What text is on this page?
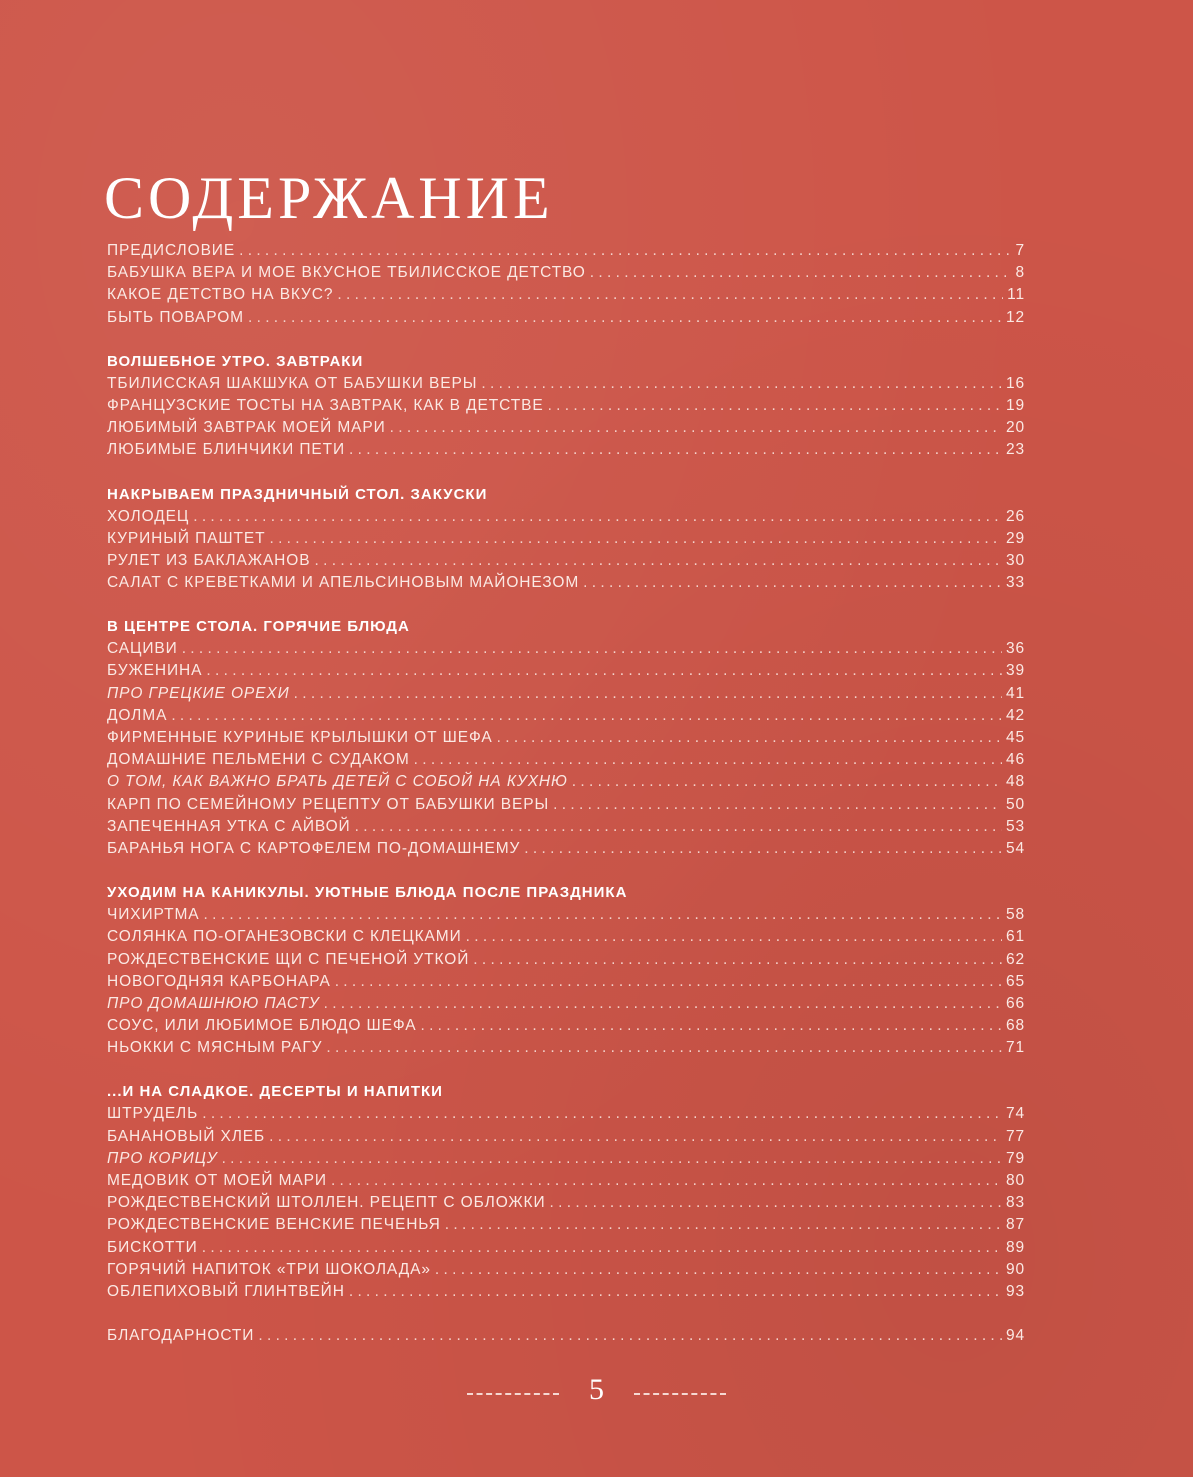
СОДЕРЖАНИЕ
ПРЕДИСЛОВИЕ . . .	7
БАБУШКА ВЕРА И МОЕ ВКУСНОЕ ТБИЛИССКОЕ ДЕТСТВО . . .	8
КАКОЕ ДЕТСТВО НА ВКУС? . . .	11
БЫТЬ ПОВАРОМ . . .	12
ВОЛШЕБНОЕ УТРО. ЗАВТРАКИ
ТБИЛИССКАЯ ШАКШУКА ОТ БАБУШКИ ВЕРЫ . . .	16
ФРАНЦУЗСКИЕ ТОСТЫ НА ЗАВТРАК, КАК В ДЕТСТВЕ . . .	19
ЛЮБИМЫЙ ЗАВТРАК МОЕЙ МАРИ . . .	20
ЛЮБИМЫЕ БЛИНЧИКИ ПЕТИ . . .	23
НАКРЫВАЕМ ПРАЗДНИЧНЫЙ СТОЛ. ЗАКУСКИ
ХОЛОДЕЦ . . .	26
КУРИНЫЙ ПАШТЕТ . . .	29
РУЛЕТ ИЗ БАКЛАЖАНОВ . . .	30
САЛАТ С КРЕВЕТКАМИ И АПЕЛЬСИНОВЫМ МАЙОНЕЗОМ . . .	33
В ЦЕНТРЕ СТОЛА. ГОРЯЧИЕ БЛЮДА
САЦИВИ . . .	36
БУЖЕНИНА . . .	39
ПРО ГРЕЦКИЕ ОРЕХИ . . .	41
ДОЛМА . . .	42
ФИРМЕННЫЕ КУРИНЫЕ КРЫЛЫШКИ ОТ ШЕФА . . .	45
ДОМАШНИЕ ПЕЛЬМЕНИ С СУДАКОМ . . .	46
О ТОМ, КАК ВАЖНО БРАТЬ ДЕТЕЙ С СОБОЙ НА КУХНЮ . . .	48
КАРП ПО СЕМЕЙНОМУ РЕЦЕПТУ ОТ БАБУШКИ ВЕРЫ . . .	50
ЗАПЕЧЕННАЯ УТКА С АЙВОЙ . . .	53
БАРАНЬЯ НОГА С КАРТОФЕЛЕМ ПО-ДОМАШНЕМУ . . .	54
УХОДИМ НА КАНИКУЛЫ. УЮТНЫЕ БЛЮДА ПОСЛЕ ПРАЗДНИКА
ЧИХИРТМА . . .	58
СОЛЯНКА ПО-ОГАНЕЗОВСКИ С КЛЕЦКАМИ . . .	61
РОЖДЕСТВЕНСКИЕ ЩИ С ПЕЧЕНОЙ УТКОЙ . . .	62
НОВОГОДНЯЯ КАРБОНАРА . . .	65
ПРО ДОМАШНЮЮ ПАСТУ . . .	66
СОУС, ИЛИ ЛЮБИМОЕ БЛЮДО ШЕФА . . .	68
НЬОККИ С МЯСНЫМ РАГУ . . .	71
...И НА СЛАДКОЕ. ДЕСЕРТЫ И НАПИТКИ
ШТРУДЕЛЬ . . .	74
БАНАНОВЫЙ ХЛЕБ . . .	77
ПРО КОРИЦУ . . .	79
МЕДОВИК ОТ МОЕЙ МАРИ . . .	80
РОЖДЕСТВЕНСКИЙ ШТОЛЛЕН. РЕЦЕПТ С ОБЛОЖКИ . . .	83
РОЖДЕСТВЕНСКИЕ ВЕНСКИЕ ПЕЧЕНЬЯ . . .	87
БИСКОТТИ . . .	89
ГОРЯЧИЙ НАПИТОК «ТРИ ШОКОЛАДА» . . .	90
ОБЛЕПИХОВЫЙ ГЛИНТВЕЙН . . .	93
БЛАГОДАРНОСТИ . . .	94
5
